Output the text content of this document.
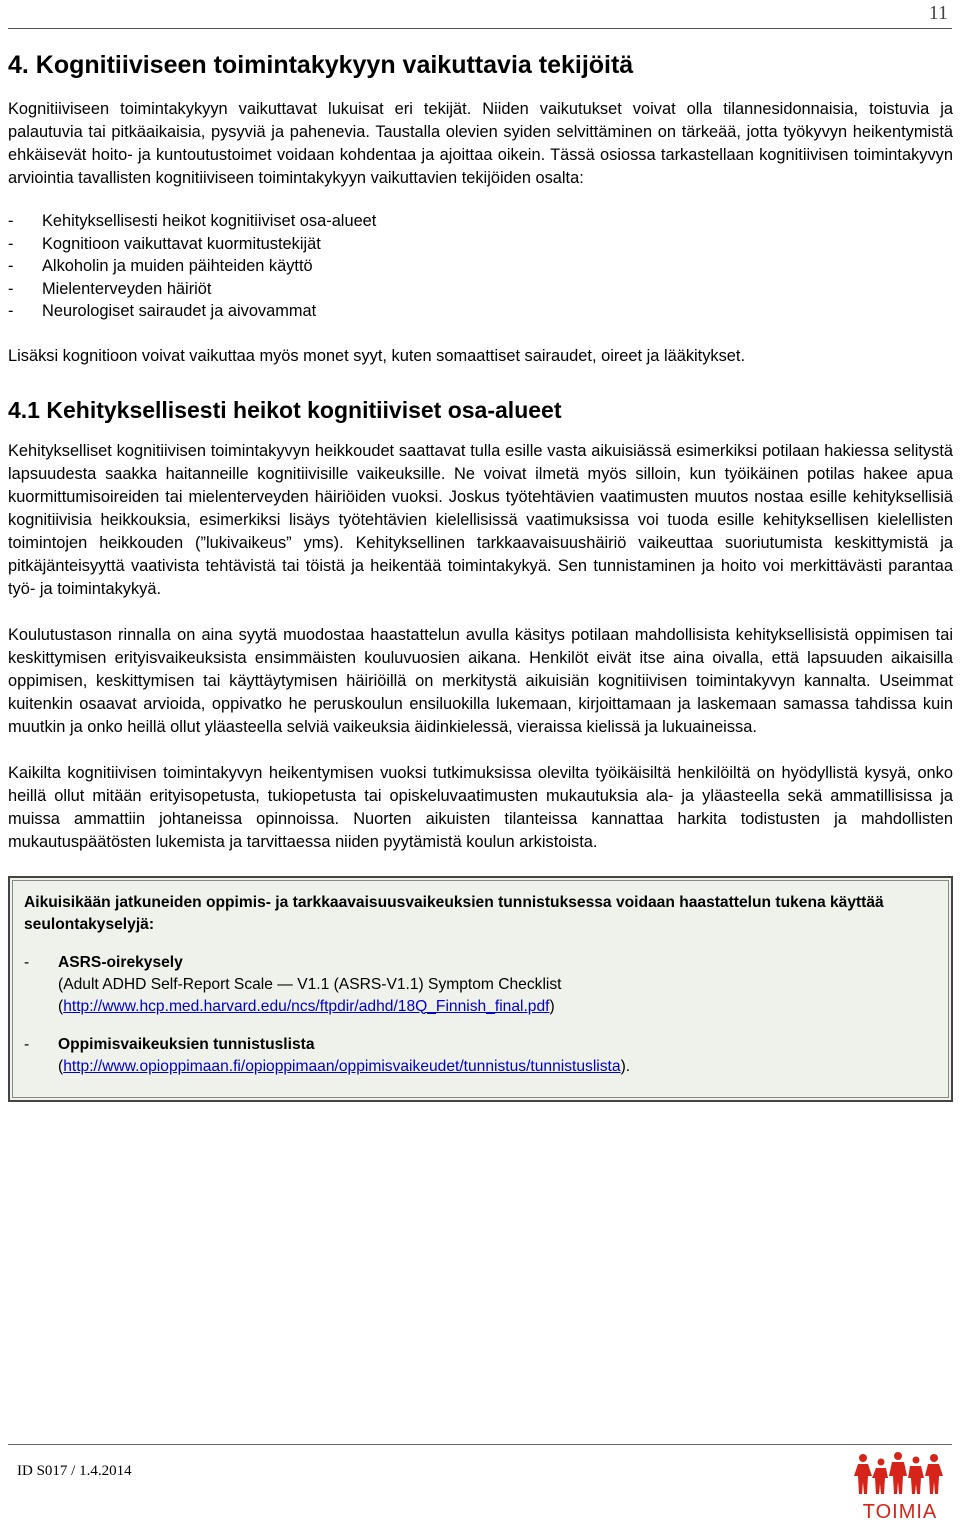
11
4. Kognitiiviseen toimintakykyyn vaikuttavia tekijöitä

Kognitiiviseen toimintakykyyn vaikuttavat lukuisat eri tekijät. Niiden vaikutukset voivat olla tilannesidonnaisia, toistuvia ja palautuvia tai pitkäaikaisia, pysyviä ja pahenevia. Taustalla olevien syiden selvittäminen on tärkeää, jotta työkyvyn heikentymistä ehkäisevät hoito- ja kuntoutustoimet voidaan kohdentaa ja ajoittaa oikein. Tässä osiossa tarkastellaan kognitiivisen toimintakyvyn arviointia tavallisten kognitiiviseen toimintakykyyn vaikuttavien tekijöiden osalta:

-	Kehityksellisesti heikot kognitiiviset osa-alueet
-	Kognitioon vaikuttavat kuormitustekijät
-	Alkoholin ja muiden päihteiden käyttö
-	Mielenterveyden häiriöt
-	Neurologiset sairaudet ja aivovammat

Lisäksi kognitioon voivat vaikuttaa myös monet syyt, kuten somaattiset sairaudet, oireet ja lääkitykset.

4.1 Kehityksellisesti heikot kognitiiviset osa-alueet

Kehitykselliset kognitiivisen toimintakyvyn heikkoudet saattavat tulla esille vasta aikuisiässä esimerkiksi potilaan hakiessa selitystä lapsuudesta saakka haitanneille kognitiivisille vaikeuksille. Ne voivat ilmetä myös silloin, kun työikäinen potilas hakee apua kuormittumisoireiden tai mielenterveyden häiriöiden vuoksi. Joskus työtehtävien vaatimusten muutos nostaa esille kehityksellisiä kognitiivisia heikkouksia, esimerkiksi lisäys työtehtävien kielellisissä vaatimuksissa voi tuoda esille kehityksellisen kielellisten toimintojen heikkouden (”lukivaikeus” yms). Kehityksellinen tarkkaavaisuushäiriö vaikeuttaa suoriutumista keskittymistä ja pitkäjänteisyyttä vaativista tehtävistä tai töistä ja heikentää toimintakykyä. Sen tunnistaminen ja hoito voi merkittävästi parantaa työ- ja toimintakykyä.

Koulutustason rinnalla on aina syytä muodostaa haastattelun avulla käsitys potilaan mahdollisista kehityksellisistä oppimisen tai keskittymisen erityisvaikeuksista ensimmäisten kouluvuosien aikana. Henkilöt eivät itse aina oivalla, että lapsuuden aikaisilla oppimisen, keskittymisen tai käyttäytymisen häiriöillä on merkitystä aikuisiän kognitiivisen toimintakyvyn kannalta. Useimmat kuitenkin osaavat arvioida, oppivatko he peruskoulun ensiluokilla lukemaan, kirjoittamaan ja laskemaan samassa tahdissa kuin muutkin ja onko heillä ollut yläasteella selviä vaikeuksia äidinkielessä, vieraissa kielissä ja lukuaineissa.

Kaikilta kognitiivisen toimintakyvyn heikentymisen vuoksi tutkimuksissa olevilta työikäisiltä henkilöiltä on hyödyllistä kysyä, onko heillä ollut mitään erityisopetusta, tukiopetusta tai opiskeluvaatimusten mukautuksia ala- ja yläasteella sekä ammatillisissa ja muissa ammattiin johtaneissa opinnoissa. Nuorten aikuisten tilanteissa kannattaa harkita todistusten ja mahdollisten mukautuspäätösten lukemista ja tarvittaessa niiden pyytämistä koulun arkistoista.

Aikuisikään jatkuneiden oppimis- ja tarkkaavaisuusvaikeuksien tunnistuksessa voidaan haastattelun tukena käyttää seulontakyselyjä:
-	ASRS-oirekysely
(Adult ADHD Self-Report Scale — V1.1 (ASRS-V1.1) Symptom Checklist
(http://www.hcp.med.harvard.edu/ncs/ftpdir/adhd/18Q_Finnish_final.pdf)
-	Oppimisvaikeuksien tunnistuslista
(http://www.opioppimaan.fi/opioppimaan/oppimisvaikeudet/tunnistus/tunnistuslista).
ID S017 / 1.4.2014
TOIMIA
